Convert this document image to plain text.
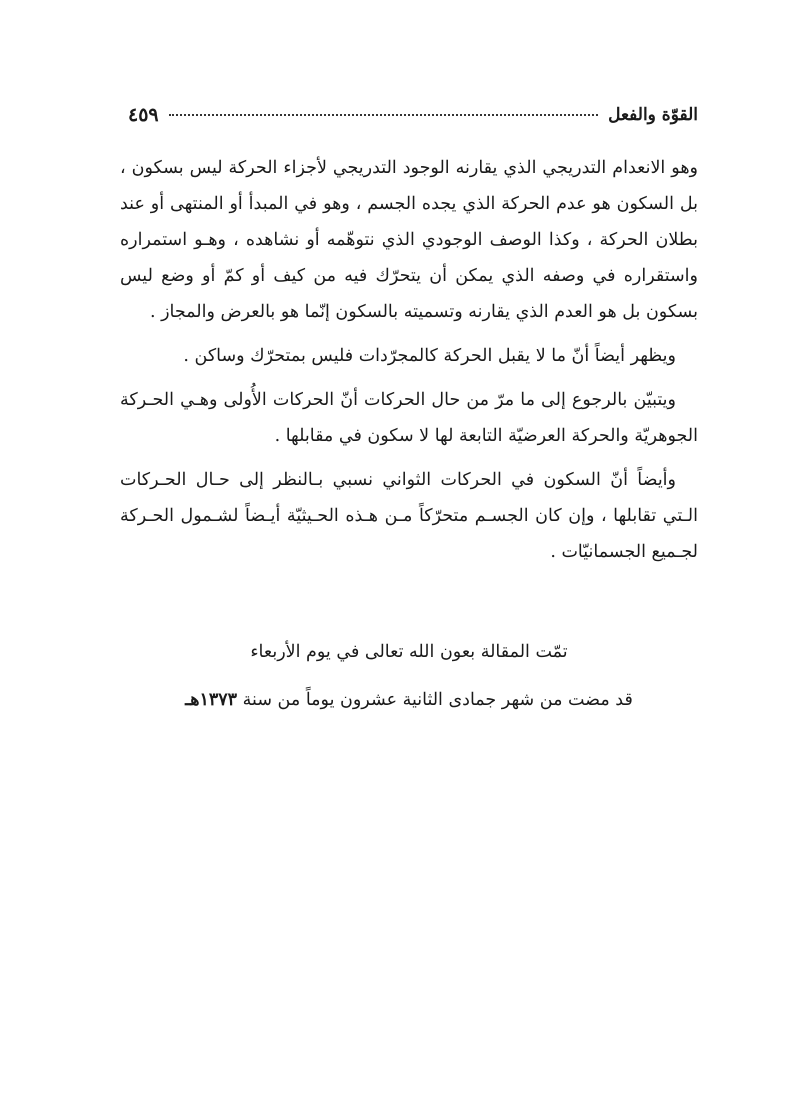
القوّة والفعل
٤٥٩

وهو الانعدام التدريجي الذي يقارنه الوجود التدريجي لأجزاء الحركة ليس بسكون ، بل السكون هو عدم الحركة الذي يجده الجسم ، وهو في المبدأ أو المنتهى أو عند بطلان الحركة ، وكذا الوصف الوجودي الذي نتوهّمه أو نشاهده ، وهـو استمراره واستقراره في وصفه الذي يمكن أن يتحرّك فيه من كيف أو كمّ أو وضع ليس بسكون بل هو العدم الذي يقارنه وتسميته بالسكون إنّما هو بالعرض والمجاز .

ويظهر أيضاً أنّ ما لا يقبل الحركة كالمجرّدات فليس بمتحرّك وساكن .

ويتبيّن بالرجوع إلى ما مرّ من حال الحركات أنّ الحركات الأُولى وهـي الحـركة الجوهريّة والحركة العرضيّة التابعة لها لا سكون في مقابلها .

وأيضاً أنّ السكون في الحركات الثواني نسبي بـالنظر إلى حـال الحـركات الـتي تقابلها ، وإن كان الجسـم متحرّكاً مـن هـذه الحـيثيّة أيـضاً لشـمول الحـركة لجـميع الجسمانيّات .

تمّت المقالة بعون الله تعالى في يوم الأربعاء
قد مضت من شهر جمادى الثانية عشرون يوماً من سنة ١٣٧٣هـ
